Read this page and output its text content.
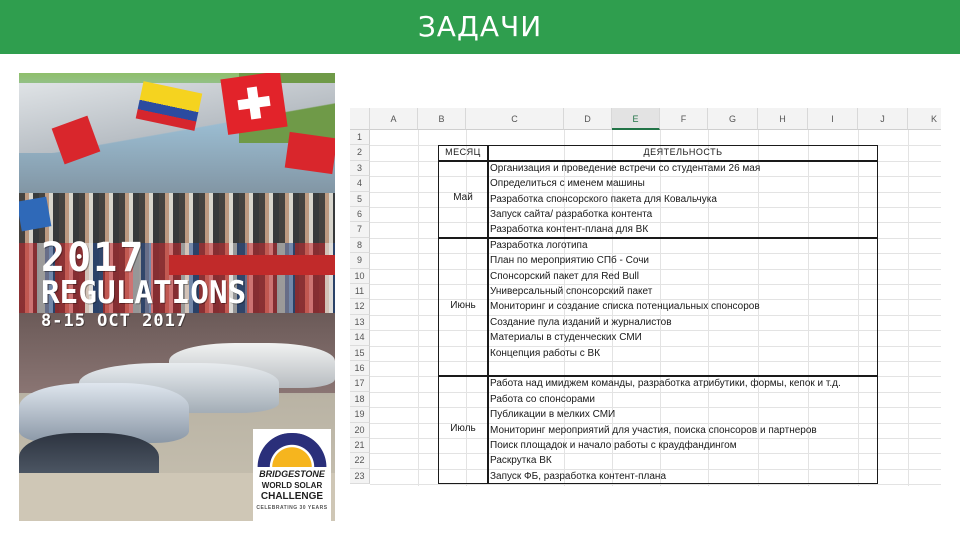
ЗАДАЧИ
2017
REGULATIONS
8-15 OCT 2017
BRIDGESTONE
WORLD SOLAR
CHALLENGE
CELEBRATING 30 YEARS
A	B	C	D	E	F	G	H	I	J	K
1
2
3
4
5
6
7
8
9
10
11
12
13
14
15
16
17
18
19
20
21
22
23
МЕСЯЦ	ДЕЯТЕЛЬНОСТЬ
Май
Организация и проведение встречи со студентами 26 мая
Определиться с именем машины
Разработка спонсорского пакета для Ковальчука
Запуск сайта/ разработка контента
Разработка контент-плана для ВК
Июнь
Разработка логотипа
План по мероприятию СПб - Сочи
Спонсорский пакет для Red Bull
Универсальный спонсорский пакет
Мониторинг и создание списка потенциальных спонсоров
Создание пула изданий и журналистов
Материалы в студенческих СМИ
Концепция работы с ВК
Июль
Работа над имиджем команды, разработка атрибутики, формы, кепок и т.д.
Работа со спонсорами
Публикации в мелких СМИ
Мониторинг мероприятий для участия, поиска спонсоров и партнеров
Поиск площадок и начало работы с краудфандингом
Раскрутка ВК
Запуск ФБ, разработка контент-плана
